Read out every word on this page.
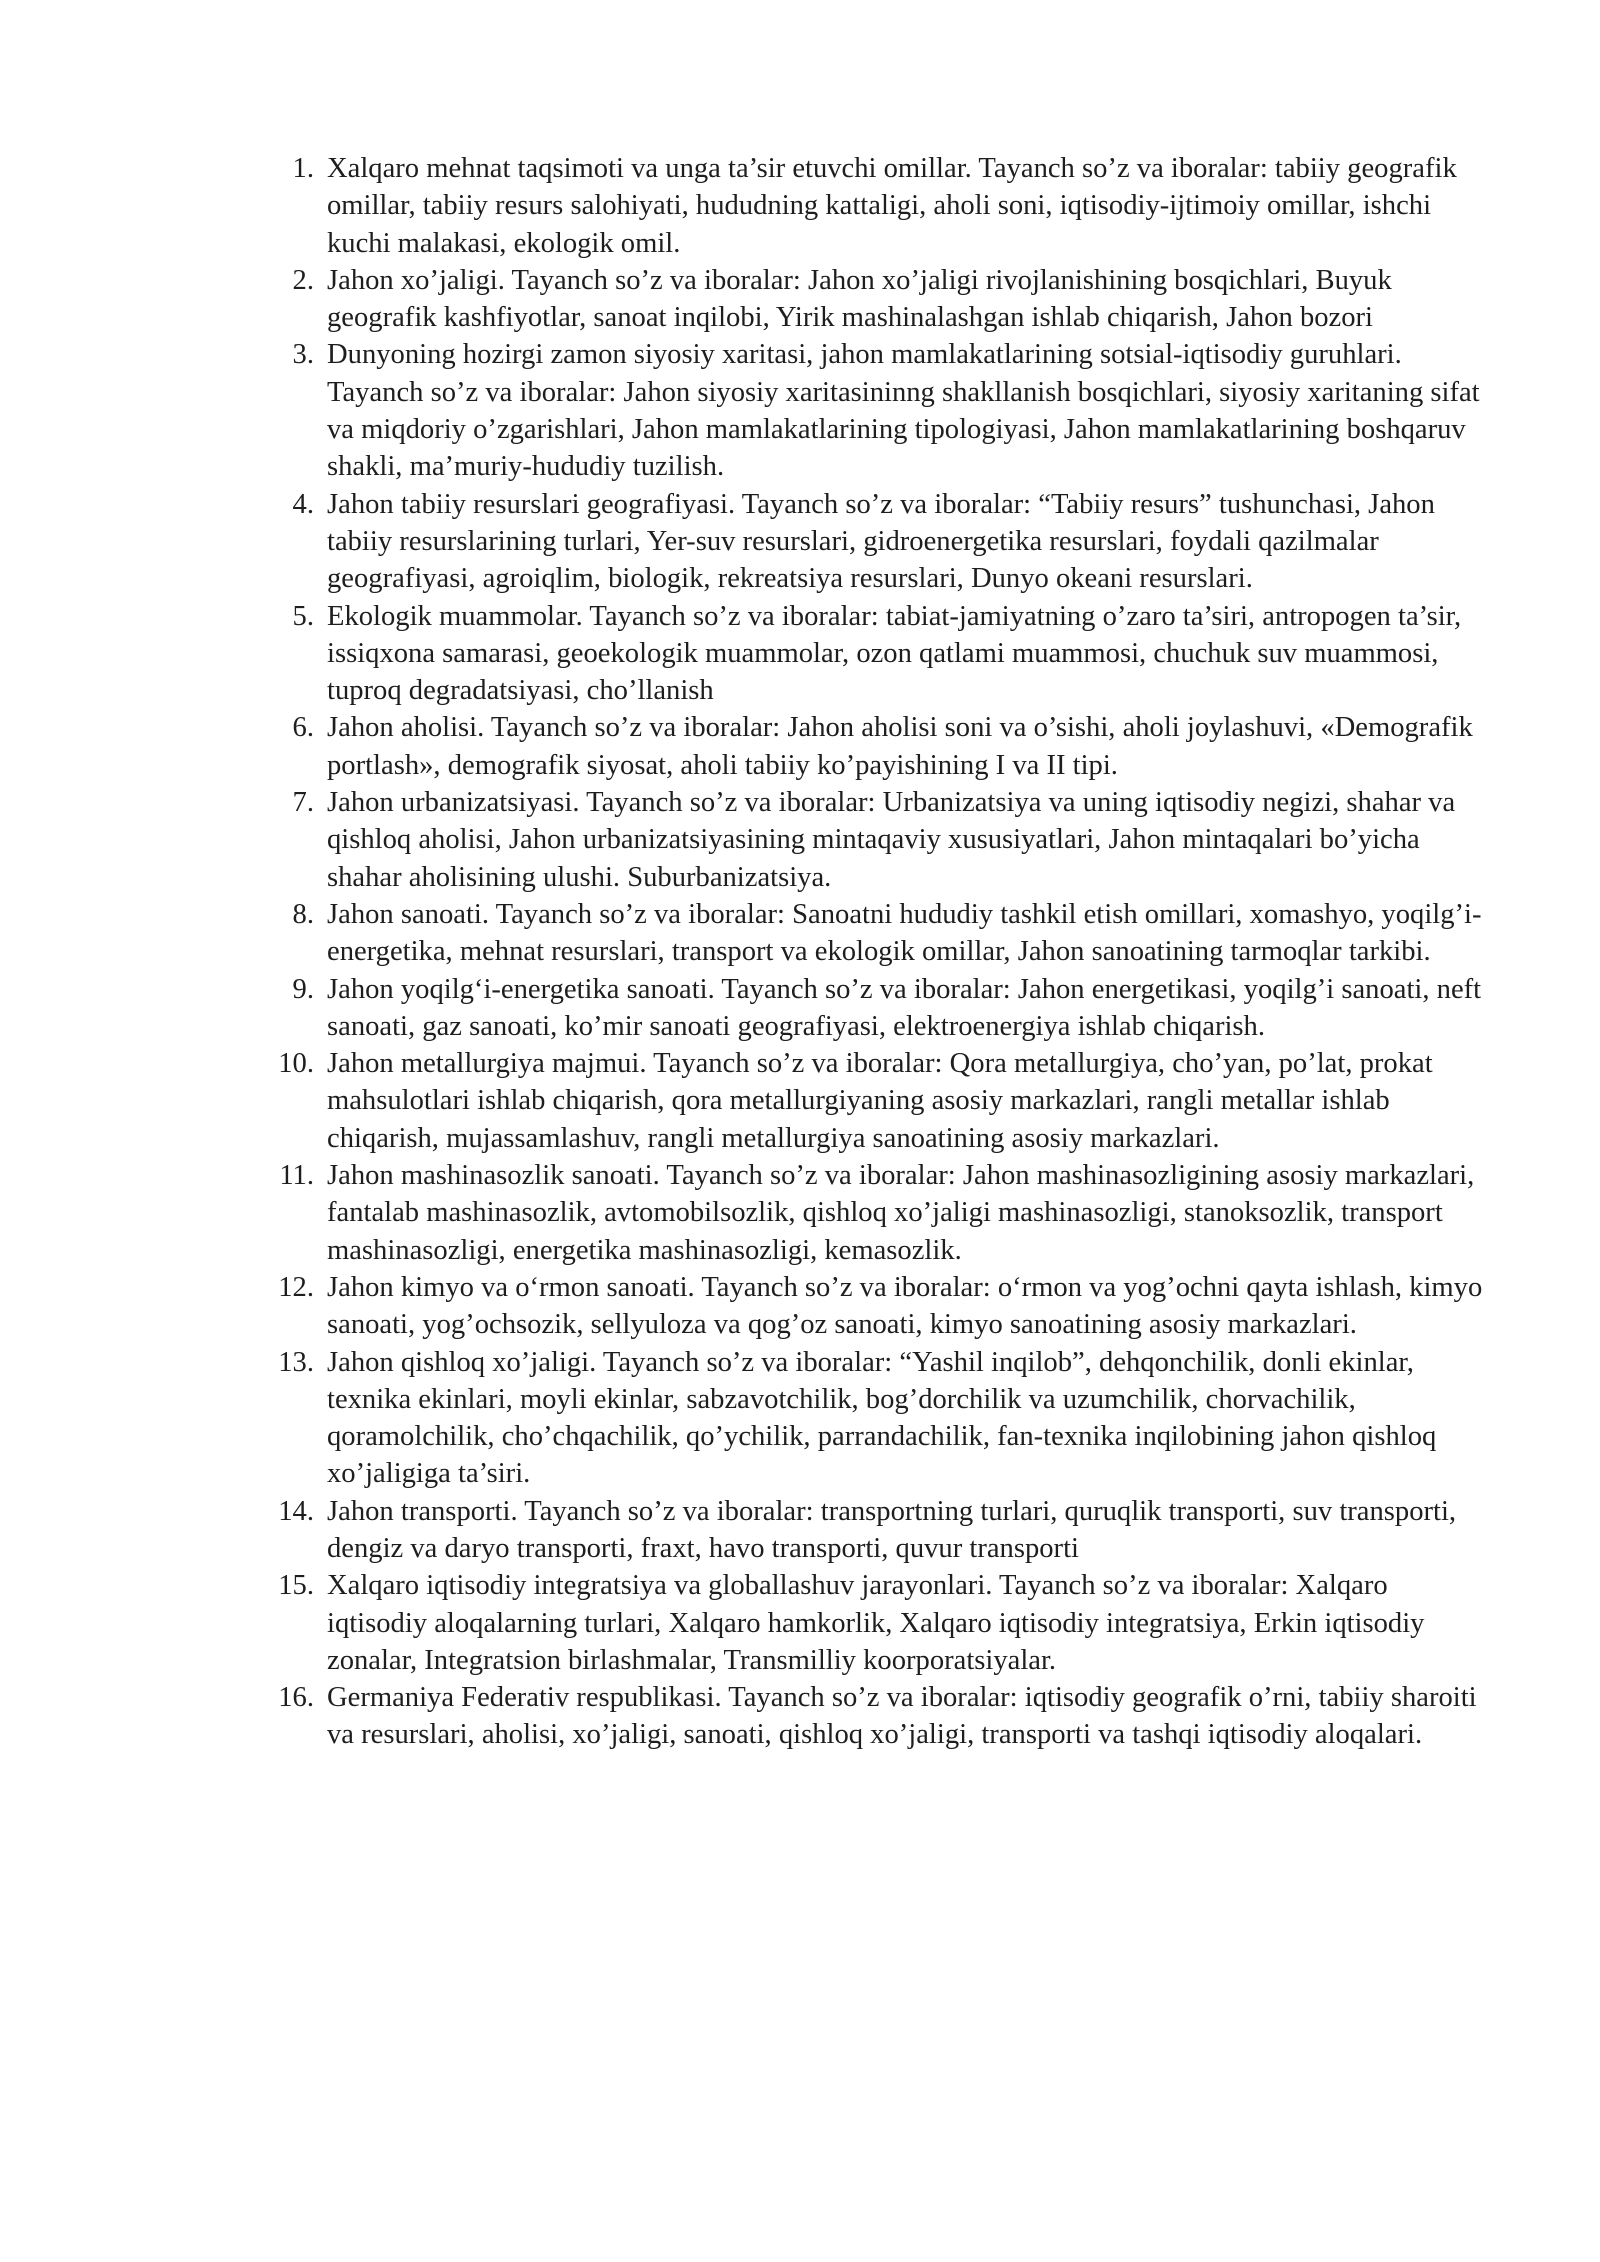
1. Xalqaro mehnat taqsimoti va unga ta’sir etuvchi omillar. Tayanch so’z va iboralar: tabiiy geografik omillar, tabiiy resurs salohiyati, hududning kattaligi, aholi soni, iqtisodiy-ijtimoiy omillar, ishchi kuchi malakasi, ekologik omil.
2. Jahon xo’jaligi. Tayanch so’z va iboralar: Jahon xo’jaligi rivojlanishining bosqichlari, Buyuk geografik kashfiyotlar, sanoat inqilobi, Yirik mashinalashgan ishlab chiqarish, Jahon bozori
3. Dunyoning hozirgi zamon siyosiy xaritasi, jahon mamlakatlarining sotsial-iqtisodiy guruhlari. Tayanch so’z va iboralar: Jahon siyosiy xaritasininng shakllanish bosqichlari, siyosiy xaritaning sifat va miqdoriy o’zgarishlari, Jahon mamlakatlarining tipologiyasi, Jahon mamlakatlarining boshqaruv shakli, ma’muriy-hududiy tuzilish.
4. Jahon tabiiy resurslari geografiyasi. Tayanch so’z va iboralar: “Tabiiy resurs” tushunchasi, Jahon tabiiy resurslarining turlari, Yer-suv resurslari, gidroenergetika resurslari, foydali qazilmalar geografiyasi, agroiqlim, biologik, rekreatsiya resurslari, Dunyo okeani resurslari.
5. Ekologik muammolar. Tayanch so’z va iboralar: tabiat-jamiyatning o’zaro ta’siri, antropogen ta’sir, issiqxona samarasi, geoekologik muammolar, ozon qatlami muammosi, chuchuk suv muammosi, tuproq degradatsiyasi, cho’llanish
6. Jahon aholisi. Tayanch so’z va iboralar: Jahon aholisi soni va o’sishi, aholi joylashuvi, «Demografik portlash», demografik siyosat, aholi tabiiy ko’payishining I va II tipi.
7. Jahon urbanizatsiyasi. Tayanch so’z va iboralar: Urbanizatsiya va uning iqtisodiy negizi, shahar va qishloq aholisi, Jahon urbanizatsiyasining mintaqaviy xususiyatlari, Jahon mintaqalari bo’yicha shahar aholisining ulushi. Suburbanizatsiya.
8. Jahon sanoati. Tayanch so’z va iboralar: Sanoatni hududiy tashkil etish omillari, xomashyo, yoqilg’i-energetika, mehnat resurslari, transport va ekologik omillar, Jahon sanoatining tarmoqlar tarkibi.
9. Jahon yoqilg‘i-energetika sanoati. Tayanch so’z va iboralar: Jahon energetikasi, yoqilg’i sanoati, neft sanoati, gaz sanoati, ko’mir sanoati geografiyasi, elektroenergiya ishlab chiqarish.
10. Jahon metallurgiya majmui. Tayanch so’z va iboralar: Qora metallurgiya, cho’yan, po’lat, prokat mahsulotlari ishlab chiqarish, qora metallurgiyaning asosiy markazlari, rangli metallar ishlab chiqarish, mujassamlashuv, rangli metallurgiya sanoatining asosiy markazlari.
11. Jahon mashinasozlik sanoati. Tayanch so’z va iboralar: Jahon mashinasozligining asosiy markazlari, fantalab mashinasozlik, avtomobilsozlik, qishloq xo’jaligi mashinasozligi, stanoksozlik, transport mashinasozligi, energetika mashinasozligi, kemasozlik.
12. Jahon kimyo va o‘rmon sanoati. Tayanch so’z va iboralar: o‘rmon va yog’ochni qayta ishlash, kimyo sanoati, yog’ochsozik, sellyuloza va qog’oz sanoati, kimyo sanoatining asosiy markazlari.
13. Jahon qishloq xo’jaligi. Tayanch so’z va iboralar: “Yashil inqilob”, dehqonchilik, donli ekinlar, texnika ekinlari, moyli ekinlar, sabzavotchilik, bog’dorchilik va uzumchilik, chorvachilik, qoramolchilik, cho’chqachilik, qo’ychilik, parrandachilik, fan-texnika inqilobining jahon qishloq xo’jaligiga ta’siri.
14. Jahon transporti. Tayanch so’z va iboralar: transportning turlari, quruqlik transporti, suv transporti, dengiz va daryo transporti, fraxt, havo transporti, quvur transporti
15. Xalqaro iqtisodiy integratsiya va globallashuv jarayonlari. Tayanch so’z va iboralar: Xalqaro iqtisodiy aloqalarning turlari, Xalqaro hamkorlik, Xalqaro iqtisodiy integratsiya, Erkin iqtisodiy zonalar, Integratsion birlashmalar, Transmilliy koorporatsiyalar.
16. Germaniya Federativ respublikasi. Tayanch so’z va iboralar: iqtisodiy geografik o’rni, tabiiy sharoiti va resurslari, aholisi, xo’jaligi, sanoati, qishloq xo’jaligi, transporti va tashqi iqtisodiy aloqalari.
